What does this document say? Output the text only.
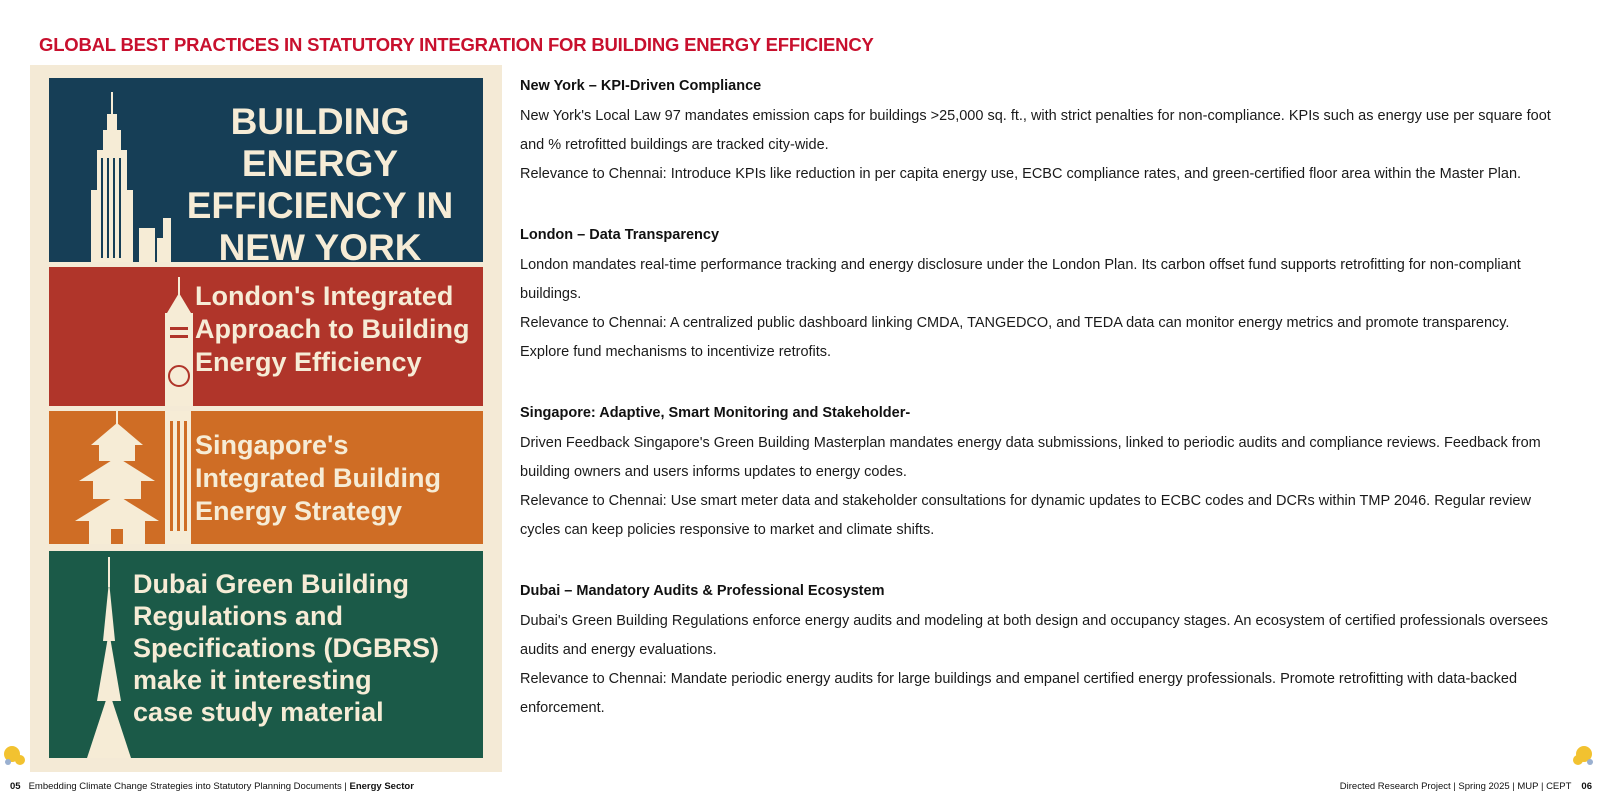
GLOBAL BEST PRACTICES IN STATUTORY INTEGRATION FOR BUILDING ENERGY EFFICIENCY
BUILDING ENERGY
EFFICIENCY IN
NEW YORK
London's Integrated
Approach to Building
Energy Efficiency
Singapore's
Integrated Building
Energy Strategy
Dubai Green Building
Regulations and
Specifications (DGBRS)
make it interesting
case study material
New York – KPI-Driven Compliance

New York's Local Law 97 mandates emission caps for buildings >25,000 sq. ft., with strict penalties for non-compliance. KPIs such as energy use per square foot and % retrofitted buildings are tracked city-wide.

Relevance to Chennai: Introduce KPIs like reduction in per capita energy use, ECBC compliance rates, and green-certified floor area within the Master Plan.

London – Data Transparency

London mandates real-time performance tracking and energy disclosure under the London Plan. Its carbon offset fund supports retrofitting for non-compliant buildings.

Relevance to Chennai: A centralized public dashboard linking CMDA, TANGEDCO, and TEDA data can monitor energy metrics and promote transparency. Explore fund mechanisms to incentivize retrofits.

Singapore: Adaptive, Smart Monitoring and Stakeholder-

Driven Feedback Singapore's Green Building Masterplan mandates energy data submissions, linked to periodic audits and compliance reviews. Feedback from building owners and users informs updates to energy codes.

Relevance to Chennai: Use smart meter data and stakeholder consultations for dynamic updates to ECBC codes and DCRs within TMP 2046. Regular review cycles can keep policies responsive to market and climate shifts.

Dubai – Mandatory Audits & Professional Ecosystem

Dubai's Green Building Regulations enforce energy audits and modeling at both design and occupancy stages. An ecosystem of certified professionals oversees audits and energy evaluations.

Relevance to Chennai: Mandate periodic energy audits for large buildings and empanel certified energy professionals. Promote retrofitting with data-backed enforcement.

05 Embedding Climate Change Strategies into Statutory Planning Documents | Energy Sector	Directed Research Project | Spring 2025 | MUP | CEPT 06
